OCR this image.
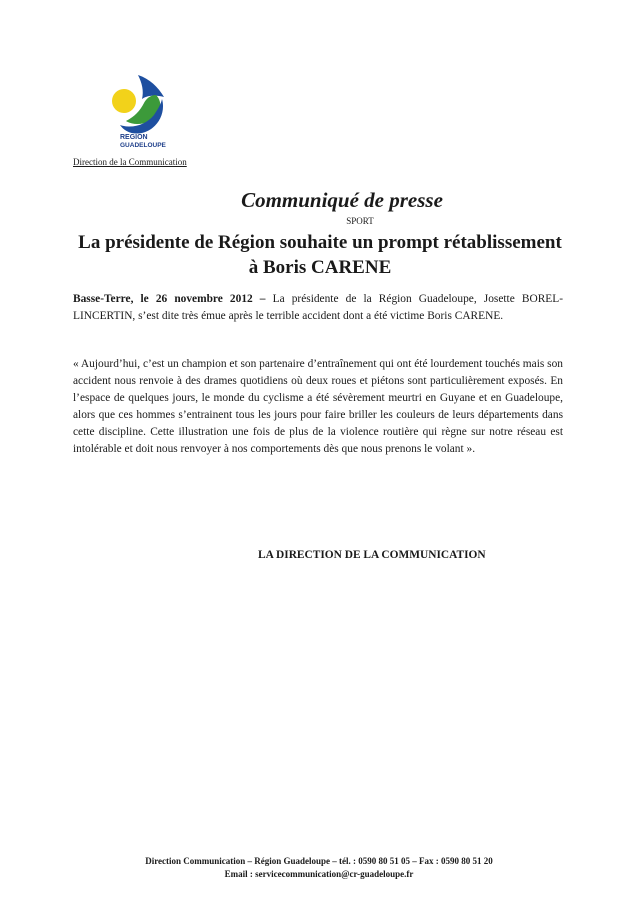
REGION
GUADELOUPE
Direction de la Communication
Communiqué de presse
SPORT
La présidente de Région souhaite un prompt rétablissement à Boris CARENE

Basse-Terre, le 26 novembre 2012 – La présidente de la Région Guadeloupe, Josette BOREL-LINCERTIN, s’est dite très émue après le terrible accident dont a été victime Boris CARENE.

« Aujourd’hui, c’est un champion et son partenaire d’entraînement qui ont été lourdement touchés mais son accident nous renvoie à des drames quotidiens où deux roues et piétons sont particulièrement exposés. En l’espace de quelques jours, le monde du cyclisme a été sévèrement meurtri en Guyane et en Guadeloupe, alors que ces hommes s’entrainent tous les jours pour faire briller les couleurs de leurs départements dans cette discipline. Cette illustration une fois de plus de la violence routière qui règne sur notre réseau est intolérable et doit nous renvoyer à nos comportements dès que nous prenons le volant ».

LA DIRECTION DE LA COMMUNICATION
Direction Communication – Région Guadeloupe – tél. : 0590 80 51 05 – Fax : 0590 80 51 20
Email : servicecommunication@cr-guadeloupe.fr
